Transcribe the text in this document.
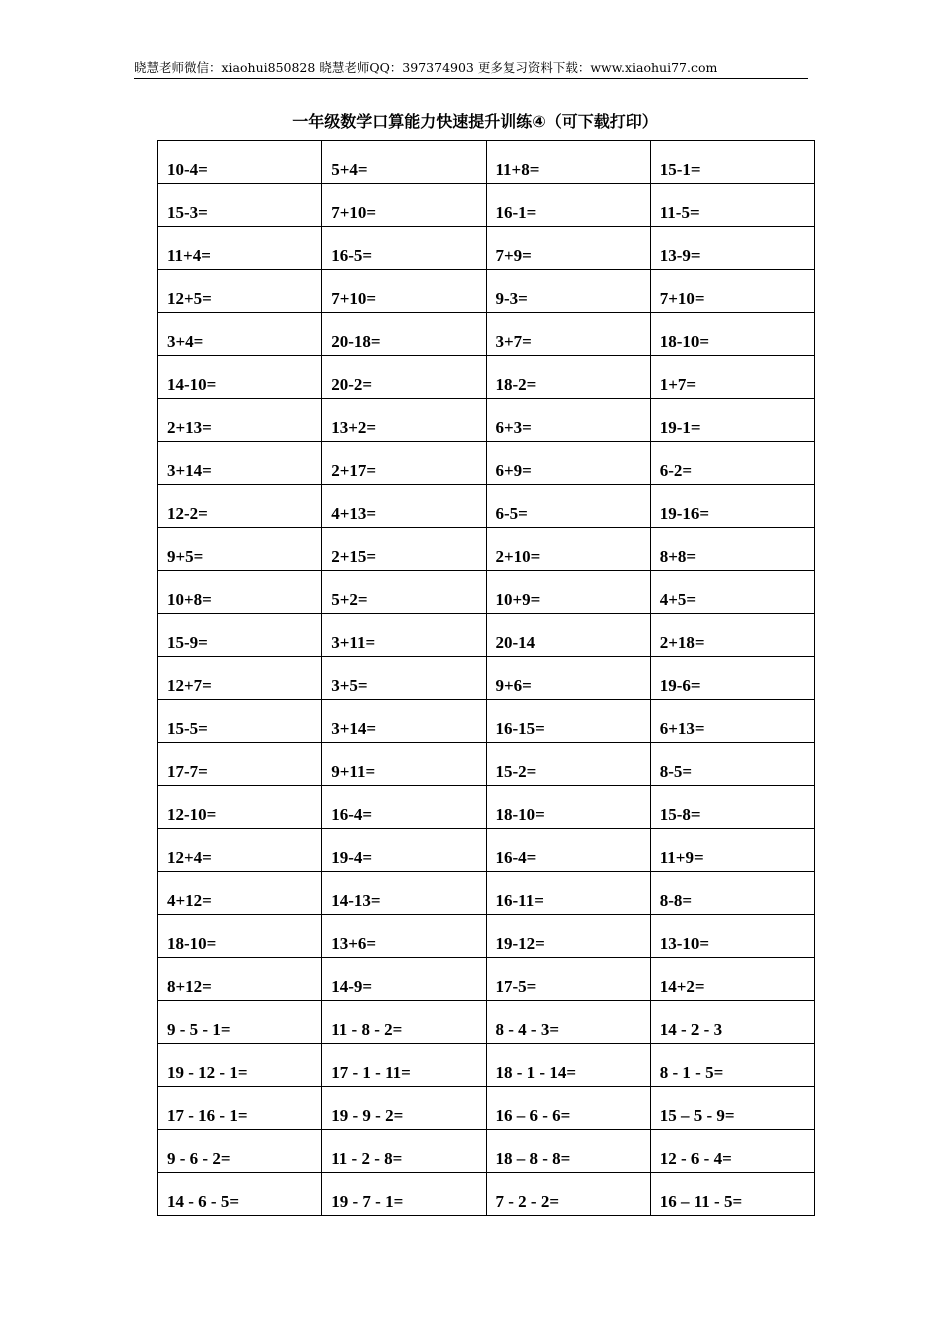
晓慧老师微信：xiaohui850828 晓慧老师QQ：397374903 更多复习资料下载：www.xiaohui77.com
一年级数学口算能力快速提升训练④（可下载打印）
10-4=	5+4=	11+8=	15-1=
15-3=	7+10=	16-1=	11-5=
11+4=	16-5=	7+9=	13-9=
12+5=	7+10=	9-3=	7+10=
3+4=	20-18=	3+7=	18-10=
14-10=	20-2=	18-2=	1+7=
2+13=	13+2=	6+3=	19-1=
3+14=	2+17=	6+9=	6-2=
12-2=	4+13=	6-5=	19-16=
9+5=	2+15=	2+10=	8+8=
10+8=	5+2=	10+9=	4+5=
15-9=	3+11=	20-14	2+18=
12+7=	3+5=	9+6=	19-6=
15-5=	3+14=	16-15=	6+13=
17-7=	9+11=	15-2=	8-5=
12-10=	16-4=	18-10=	15-8=
12+4=	19-4=	16-4=	11+9=
4+12=	14-13=	16-11=	8-8=
18-10=	13+6=	19-12=	13-10=
8+12=	14-9=	17-5=	14+2=
9 - 5 - 1=	11 - 8 - 2=	8 - 4 - 3=	14 - 2 - 3
19 - 12 - 1=	17 - 1 - 11=	18 - 1 - 14=	8 - 1 - 5=
17 - 16 - 1=	19 - 9 - 2=	16 – 6 - 6=	15 – 5 - 9=
9 - 6 - 2=	11 - 2 - 8=	18 – 8 - 8=	12 - 6 - 4=
14 - 6 - 5=	19 - 7 - 1=	7 - 2 - 2=	16 – 11 - 5=
